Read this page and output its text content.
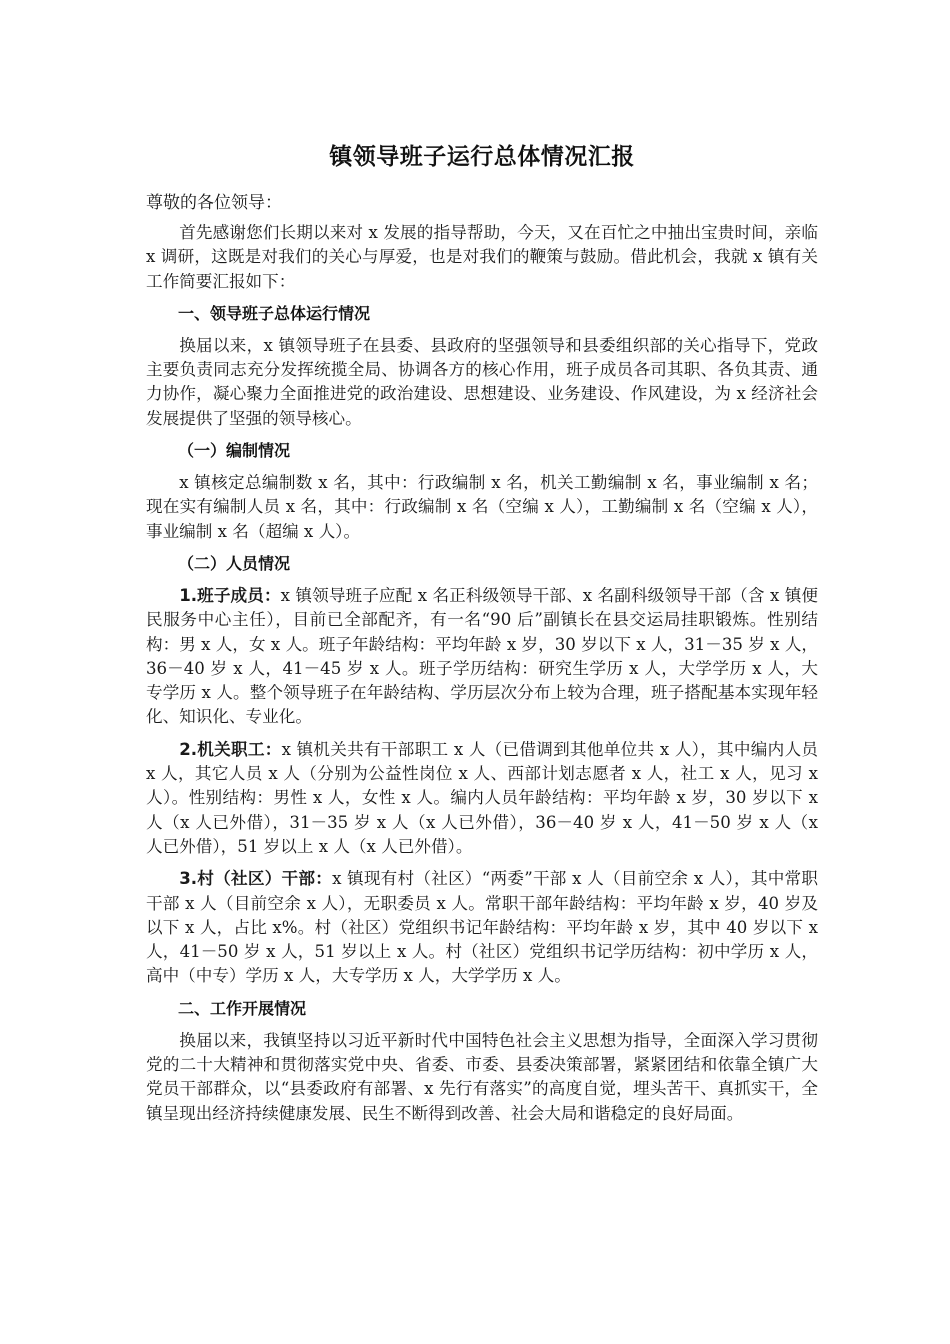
镇领导班子运行总体情况汇报

尊敬的各位领导：

首先感谢您们长期以来对 x 发展的指导帮助，今天，又在百忙之中抽出宝贵时间，亲临 x 调研，这既是对我们的关心与厚爱，也是对我们的鞭策与鼓励。借此机会，我就 x 镇有关工作简要汇报如下：

一、领导班子总体运行情况

换届以来，x 镇领导班子在县委、县政府的坚强领导和县委组织部的关心指导下，党政主要负责同志充分发挥统揽全局、协调各方的核心作用，班子成员各司其职、各负其责、通力协作，凝心聚力全面推进党的政治建设、思想建设、业务建设、作风建设，为 x 经济社会发展提供了坚强的领导核心。

（一）编制情况

x 镇核定总编制数 x 名，其中：行政编制 x 名，机关工勤编制 x 名，事业编制 x 名；现在实有编制人员 x 名，其中：行政编制 x 名（空编 x 人），工勤编制 x 名（空编 x 人），事业编制 x 名（超编 x 人）。

（二）人员情况

1.班子成员：x 镇领导班子应配 x 名正科级领导干部、x 名副科级领导干部（含 x 镇便民服务中心主任），目前已全部配齐，有一名“90 后”副镇长在县交运局挂职锻炼。性别结构：男 x 人，女 x 人。班子年龄结构：平均年龄 x 岁，30 岁以下 x 人，31－35 岁 x 人，36－40 岁 x 人，41－45 岁 x 人。班子学历结构：研究生学历 x 人，大学学历 x 人，大专学历 x 人。整个领导班子在年龄结构、学历层次分布上较为合理，班子搭配基本实现年轻化、知识化、专业化。

2.机关职工：x 镇机关共有干部职工 x 人（已借调到其他单位共 x 人），其中编内人员 x 人，其它人员 x 人（分别为公益性岗位 x 人、西部计划志愿者 x 人，社工 x 人，见习 x 人）。性别结构：男性 x 人，女性 x 人。编内人员年龄结构：平均年龄 x 岁，30 岁以下 x 人（x 人已外借），31－35 岁 x 人（x 人已外借），36－40 岁 x 人，41－50 岁 x 人（x 人已外借），51 岁以上 x 人（x 人已外借）。

3.村（社区）干部：x 镇现有村（社区）“两委”干部 x 人（目前空余 x 人），其中常职干部 x 人（目前空余 x 人），无职委员 x 人。常职干部年龄结构：平均年龄 x 岁，40 岁及以下 x 人，占比 x%。村（社区）党组织书记年龄结构：平均年龄 x 岁，其中 40 岁以下 x 人，41－50 岁 x 人，51 岁以上 x 人。村（社区）党组织书记学历结构：初中学历 x 人，高中（中专）学历 x 人，大专学历 x 人，大学学历 x 人。

二、工作开展情况

换届以来，我镇坚持以习近平新时代中国特色社会主义思想为指导，全面深入学习贯彻党的二十大精神和贯彻落实党中央、省委、市委、县委决策部署，紧紧团结和依靠全镇广大党员干部群众，以“县委政府有部署、x 先行有落实”的高度自觉，埋头苦干、真抓实干，全镇呈现出经济持续健康发展、民生不断得到改善、社会大局和谐稳定的良好局面。
